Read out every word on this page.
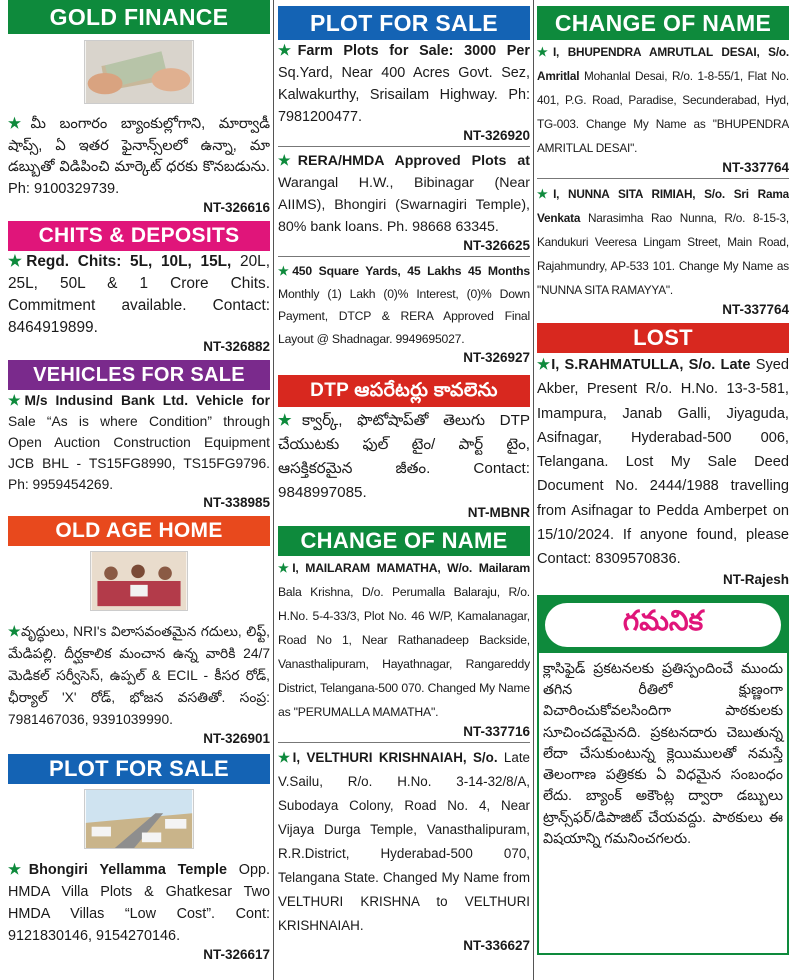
GOLD FINANCE
★మీ బంగారం బ్యాంకుల్లోగాని, మార్వాడీ షాప్స్, ఏ ఇతర ఫైనాన్స్‌లలో ఉన్నా, మా డబ్బుతో విడిపించి మార్కెట్ ధరకు కొనబడును. Ph: 9100329739.
NT-326616
CHITS & DEPOSITS
★Regd. Chits: 5L, 10L, 15L, 20L, 25L, 50L & 1 Crore Chits. Commitment available. Contact: 8464919899.
NT-326882
VEHICLES FOR SALE
★M/s Indusind Bank Ltd. Vehicle for Sale “As is where Condition” through Open Auction Construction Equipment JCB BHL - TS15FG8990, TS15FG9796. Ph: 9959454269.
NT-338985
OLD AGE HOME
★వృద్ధులు, NRI's విలాసవంతమైన గదులు, లిఫ్ట్, మేడిపల్లి. దీర్ఘకాలిక మంచాన ఉన్న వారికి 24/7 మెడికల్ సర్వీసెస్, ఉప్పల్ & ECIL - కీసర రోడ్, ఛీర్యాల్ 'X' రోడ్, భోజన వసతితో. సంప్ర: 7981467036, 9391039990.
NT-326901
PLOT FOR SALE
★Bhongiri Yellamma Temple Opp. HMDA Villa Plots & Ghatkesar Two HMDA Villas “Low Cost”. Cont: 9121830146, 9154270146.
NT-326617
PLOT FOR SALE
★Farm Plots for Sale: 3000 Per Sq.Yard, Near 400 Acres Govt. Sez, Kalwakurthy, Srisailam Highway. Ph: 7981200477.
NT-326920
★RERA/HMDA Approved Plots at Warangal H.W., Bibinagar (Near AIIMS), Bhongiri (Swarnagiri Temple), 80% bank loans. Ph. 98668 63345.
NT-326625
★450 Square Yards, 45 Lakhs 45 Months Monthly (1) Lakh (0)% Interest, (0)% Down Payment, DTCP & RERA Approved Final Layout @ Shadnagar. 9949695027.
NT-326927
DTP ఆపరేటర్లు కావలెను
★క్వార్క్, ఫొటోషాప్‌తో తెలుగు DTP చేయుటకు ఫుల్ టైం/ పార్ట్ టైం, ఆసక్తికరమైన జీతం. Contact: 9848997085.
NT-MBNR
CHANGE OF NAME
★I, MAILARAM MAMATHA, W/o. Mailaram Bala Krishna, D/o. Perumalla Balaraju, R/o. H.No. 5-4-33/3, Plot No. 46 W/P, Kamalanagar, Road No 1, Near Rathanadeep Backside, Vanasthalipuram, Hayathnagar, Rangareddy District, Telangana-500 070. Changed My Name as "PERUMALLA MAMATHA".
NT-337716
★I, VELTHURI KRISHNAIAH, S/o. Late V.Sailu, R/o. H.No. 3-14-32/8/A, Subodaya Colony, Road No. 4, Near Vijaya Durga Temple, Vanasthalipuram, R.R.District, Hyderabad-500 070, Telangana State. Changed My Name from VELTHURI KRISHNA to VELTHURI KRISHNAIAH.
NT-336627
CHANGE OF NAME
★I, BHUPENDRA AMRUTLAL DESAI, S/o. Amritlal Mohanlal Desai, R/o. 1-8-55/1, Flat No. 401, P.G. Road, Paradise, Secunderabad, Hyd, TG-003. Change My Name as "BHUPENDRA AMRITLAL DESAI".
NT-337764
★I, NUNNA SITA RIMIAH, S/o. Sri Rama Venkata Narasimha Rao Nunna, R/o. 8-15-3, Kandukuri Veeresa Lingam Street, Main Road, Rajahmundry, AP-533 101. Change My Name as "NUNNA SITA RAMAYYA".
NT-337764
LOST
★I, S.RAHMATULLA, S/o. Late Syed Akber, Present R/o. H.No. 13-3-581, Imampura, Janab Galli, Jiyaguda, Asifnagar, Hyderabad-500 006, Telangana. Lost My Sale Deed Document No. 2444/1988 travelling from Asifnagar to Pedda Amberpet on 15/10/2024. If anyone found, please Contact: 8309570836.
NT-Rajesh
గమనిక
క్లాసిఫైడ్ ప్రకటనలకు ప్రతిస్పందించే ముందు తగిన రీతిలో క్షుణ్ణంగా విచారించుకోవలసిందిగా పాఠకులకు సూచించడమైనది. ప్రకటనదారు చెబుతున్న లేదా చేసుకుంటున్న క్లెయిములతో నమస్తే తెలంగాణ పత్రికకు ఏ విధమైన సంబంధం లేదు. బ్యాంక్ అకౌంట్ల ద్వారా డబ్బులు ట్రాన్స్‌ఫర్/డిపాజిట్ చేయవద్దు. పాఠకులు ఈ విషయాన్ని గమనించగలరు.
